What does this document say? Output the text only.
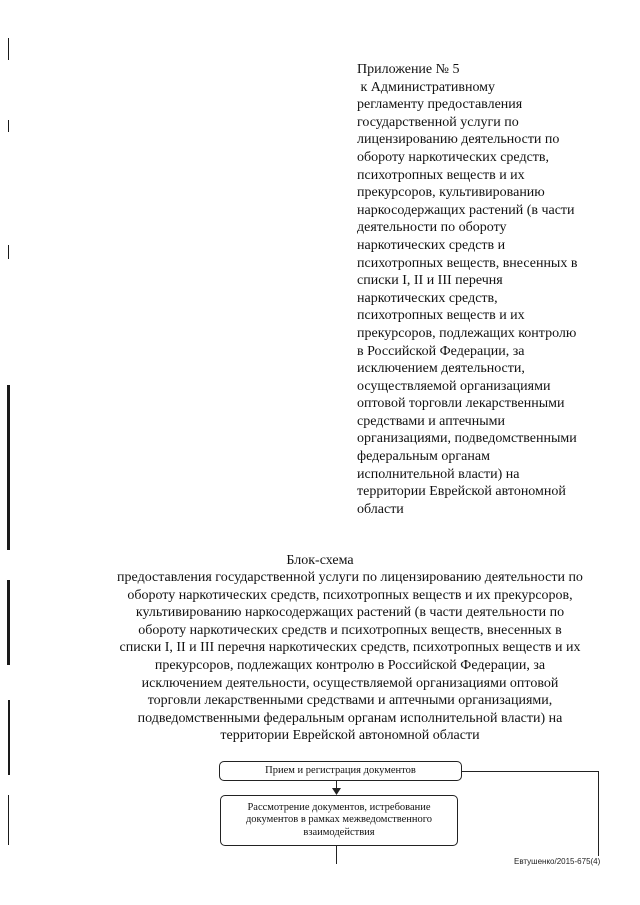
Приложение № 5
к Административному
регламенту предоставления
государственной услуги по
лицензированию деятельности по
обороту наркотических средств,
психотропных веществ и их
прекурсоров, культивированию
наркосодержащих растений (в части
деятельности по обороту
наркотических средств и
психотропных веществ, внесенных в
списки I, II и III перечня
наркотических средств,
психотропных веществ и их
прекурсоров, подлежащих контролю
в Российской Федерации, за
исключением деятельности,
осуществляемой организациями
оптовой торговли лекарственными
средствами и аптечными
организациями, подведомственными
федеральным органам
исполнительной власти) на
территории Еврейской автономной
области
Блок-схема
предоставления государственной услуги по лицензированию деятельности по
обороту наркотических средств, психотропных веществ и их прекурсоров,
культивированию наркосодержащих растений (в части деятельности по
обороту наркотических средств и психотропных веществ, внесенных в
списки I, II и III перечня наркотических средств, психотропных веществ и их
прекурсоров, подлежащих контролю в Российской Федерации, за
исключением деятельности, осуществляемой организациями оптовой
торговли лекарственными средствами и аптечными организациями,
подведомственными федеральным органам исполнительной власти) на
территории Еврейской автономной области
Прием и регистрация документов
Рассмотрение документов, истребование
документов в рамках межведомственного
взаимодействия
Евтушенко/2015-675(4)
